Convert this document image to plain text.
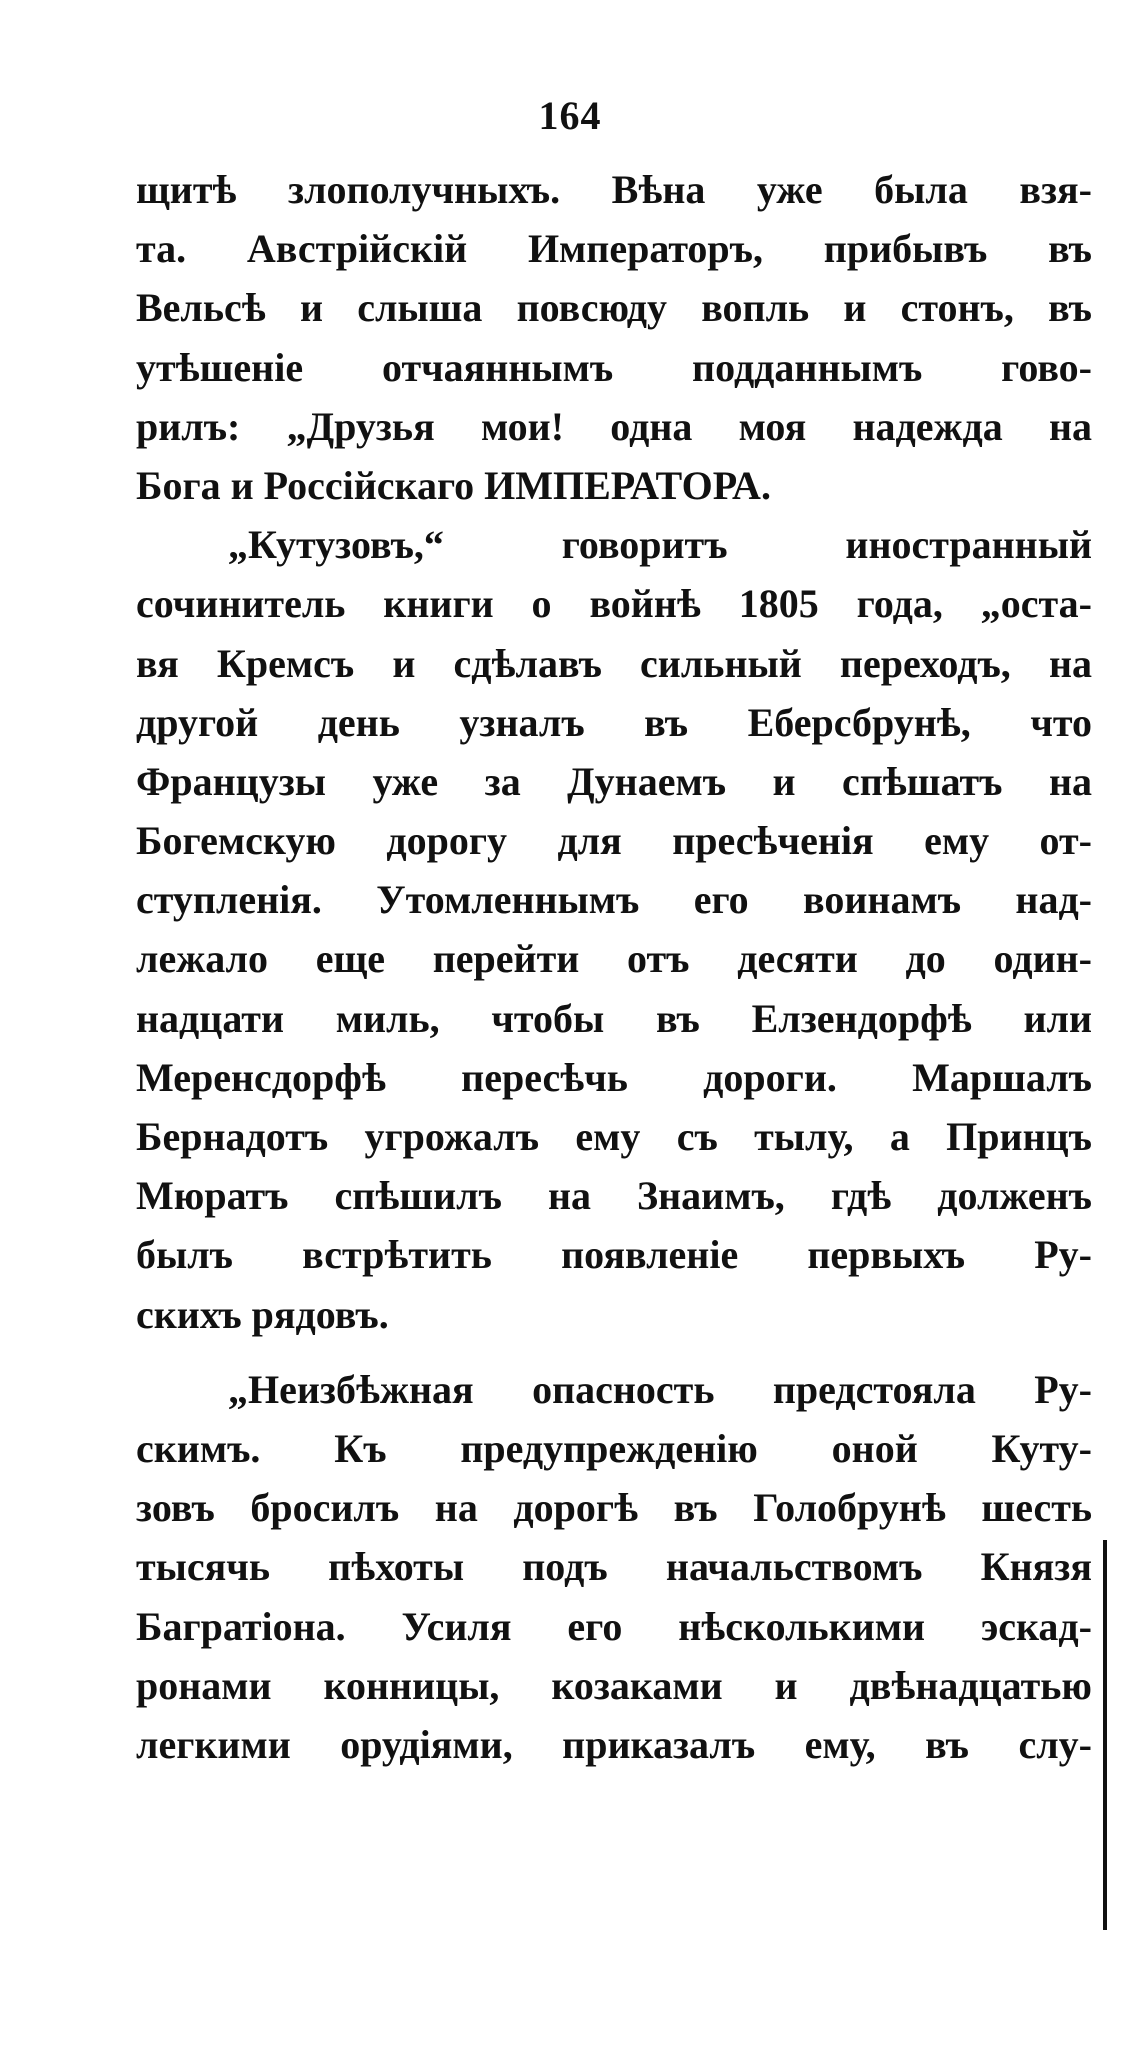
164
щитѣ злополучныхъ. Вѣна уже была взя-
та. Австрійскій Императоръ, прибывъ въ
Вельсѣ и слыша повсюду вопль и стонъ, въ
утѣшеніе отчаяннымъ подданнымъ гово-
рилъ: „Друзья мои! одна моя надежда на
Бога и Россійскаго ИМПЕРАТОРА.
„Кутузовъ,“ говоритъ иностранный
сочинитель книги о войнѣ 1805 года, „оста-
вя Кремсъ и сдѣлавъ сильный переходъ, на
другой день узналъ въ Еберсбрунѣ, что
Французы уже за Дунаемъ и спѣшатъ на
Богемскую дорогу для пресѣченія ему от-
ступленія. Утомленнымъ его воинамъ над-
лежало еще перейти отъ десяти до один-
надцати миль, чтобы въ Елзендорфѣ или
Меренсдорфѣ пересѣчь дороги. Маршалъ
Бернадотъ угрожалъ ему съ тылу, а Принцъ
Мюратъ спѣшилъ на Знаимъ, гдѣ долженъ
былъ встрѣтить появленіе первыхъ Ру-
скихъ рядовъ.
„Неизбѣжная опасность предстояла Ру-
скимъ. Къ предупрежденію оной Куту-
зовъ бросилъ на дорогѣ въ Голобрунѣ шесть
тысячь пѣхоты подъ начальствомъ Князя
Багратіона. Усиля его нѣсколькими эскад-
ронами конницы, козаками и двѣнадцатью
легкими орудіями, приказалъ ему, въ слу-
